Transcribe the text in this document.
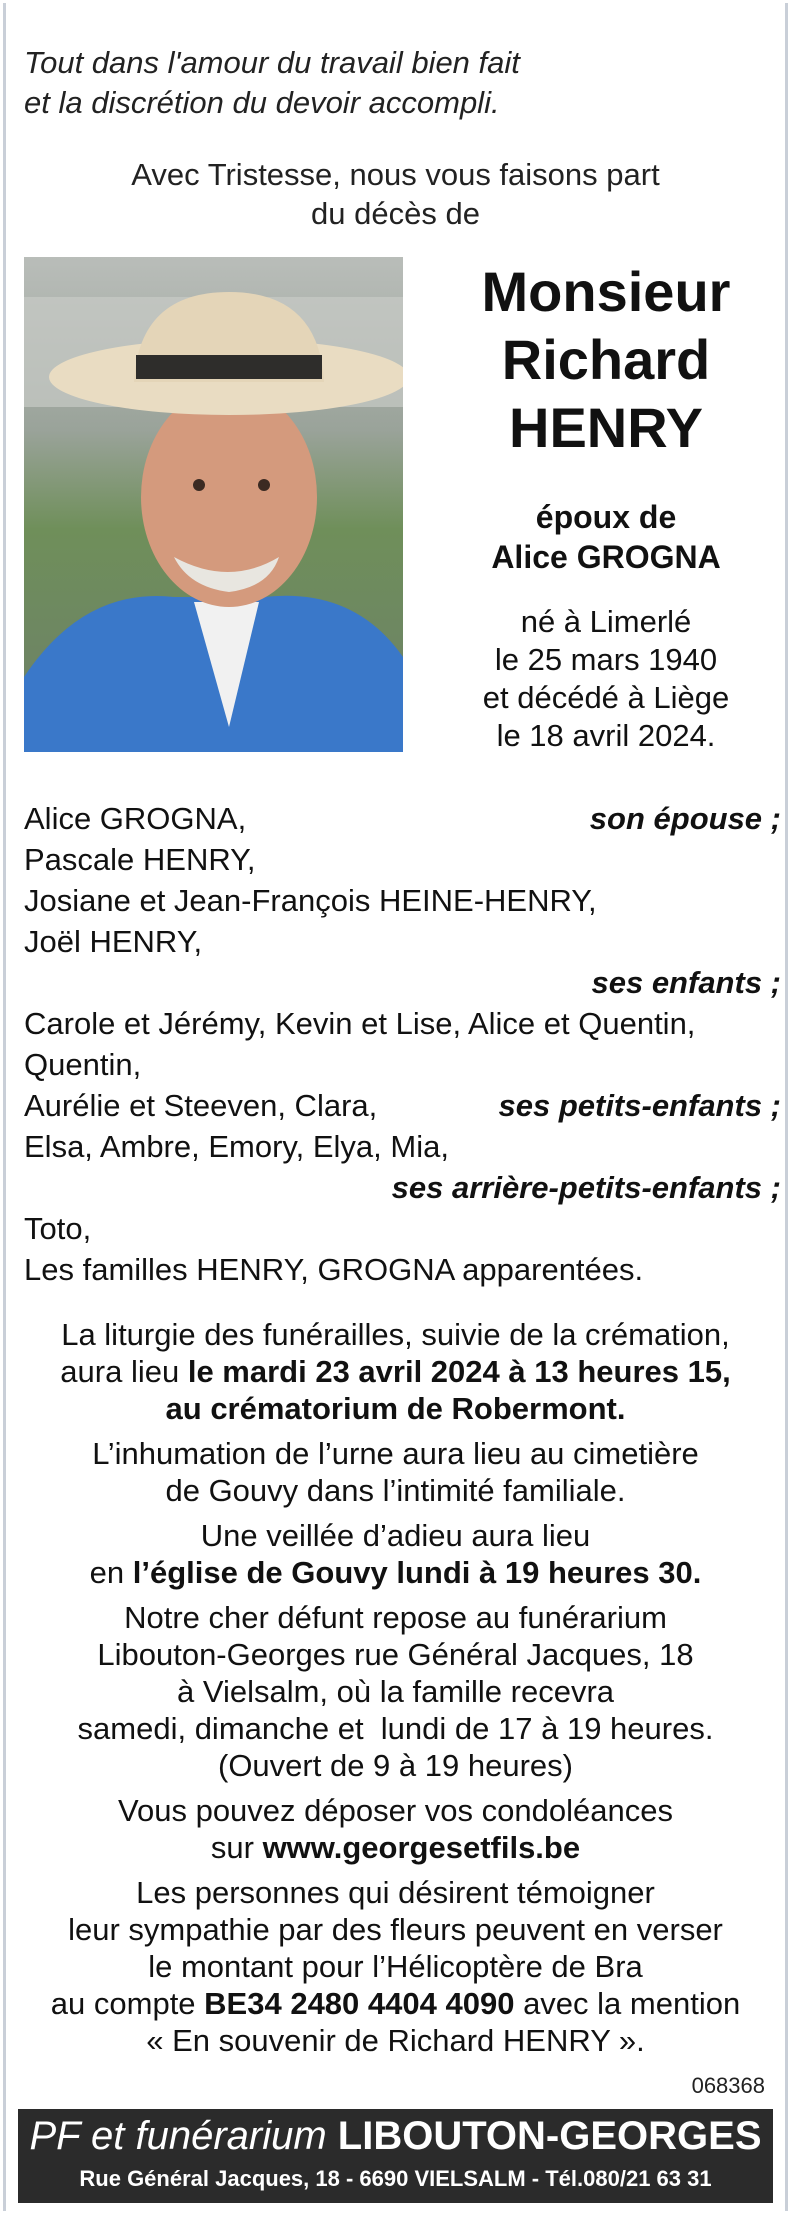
Tout dans l'amour du travail bien fait
et la discrétion du devoir accompli.
Avec Tristesse, nous vous faisons part
du décès de
Monsieur
Richard
HENRY
époux de
Alice GROGNA
né à Limerlé
le 25 mars 1940
et décédé à Liège
le 18 avril 2024.
Alice GROGNA,	son épouse ;
Pascale HENRY,
Josiane et Jean-François HEINE-HENRY,
Joël HENRY,
ses enfants ;
Carole et Jérémy, Kevin et Lise, Alice et Quentin,
Quentin,
Aurélie et Steeven, Clara,	ses petits-enfants ;
Elsa, Ambre, Emory, Elya, Mia,
ses arrière-petits-enfants ;
Toto,
Les familles HENRY, GROGNA apparentées.

La liturgie des funérailles, suivie de la crémation,
aura lieu le mardi 23 avril 2024 à 13 heures 15,
au crématorium de Robermont.

L’inhumation de l’urne aura lieu au cimetière
de Gouvy dans l’intimité familiale.

Une veillée d’adieu aura lieu
en l’église de Gouvy lundi à 19 heures 30.

Notre cher défunt repose au funérarium
Libouton-Georges rue Général Jacques, 18
à Vielsalm, où la famille recevra
samedi, dimanche et  lundi de 17 à 19 heures.
(Ouvert de 9 à 19 heures)

Vous pouvez déposer vos condoléances
sur www.georgesetfils.be

Les personnes qui désirent témoigner
leur sympathie par des fleurs peuvent en verser
le montant pour l’Hélicoptère de Bra
au compte BE34 2480 4404 4090 avec la mention
« En souvenir de Richard HENRY ».

068368
PF et funérarium LIBOUTON-GEORGES
Rue Général Jacques, 18 - 6690 VIELSALM - Tél.080/21 63 31
